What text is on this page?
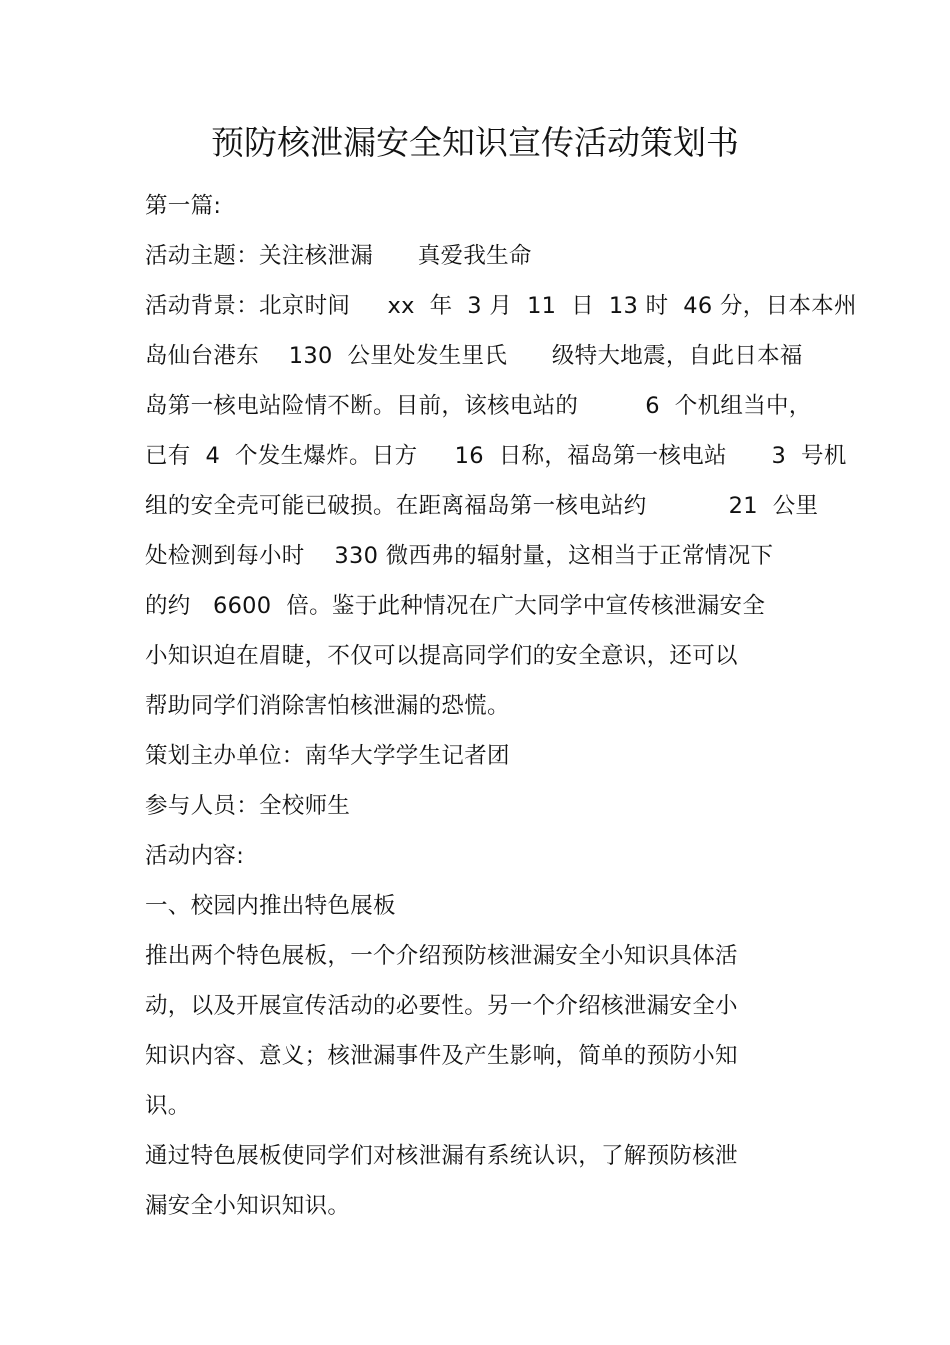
预防核泄漏安全知识宣传活动策划书
第一篇:
活动主题：关注核泄漏      真爱我生命
活动背景：北京时间     xx  年  3 月  11  日  13 时  46 分，日本本州
岛仙台港东    130  公里处发生里氏      级特大地震，自此日本福
岛第一核电站险情不断。目前，该核电站的         6  个机组当中，
已有  4  个发生爆炸。日方     16  日称，福岛第一核电站      3  号机
组的安全壳可能已破损。在距离福岛第一核电站约           21  公里
处检测到每小时    330 微西弗的辐射量，这相当于正常情况下
的约   6600  倍。鉴于此种情况在广大同学中宣传核泄漏安全
小知识迫在眉睫，不仅可以提高同学们的安全意识，还可以
帮助同学们消除害怕核泄漏的恐慌。
策划主办单位：南华大学学生记者团
参与人员：全校师生
活动内容:
一、校园内推出特色展板
推出两个特色展板，一个介绍预防核泄漏安全小知识具体活
动，以及开展宣传活动的必要性。另一个介绍核泄漏安全小
知识内容、意义；核泄漏事件及产生影响，简单的预防小知
识。
通过特色展板使同学们对核泄漏有系统认识，了解预防核泄
漏安全小知识知识。
